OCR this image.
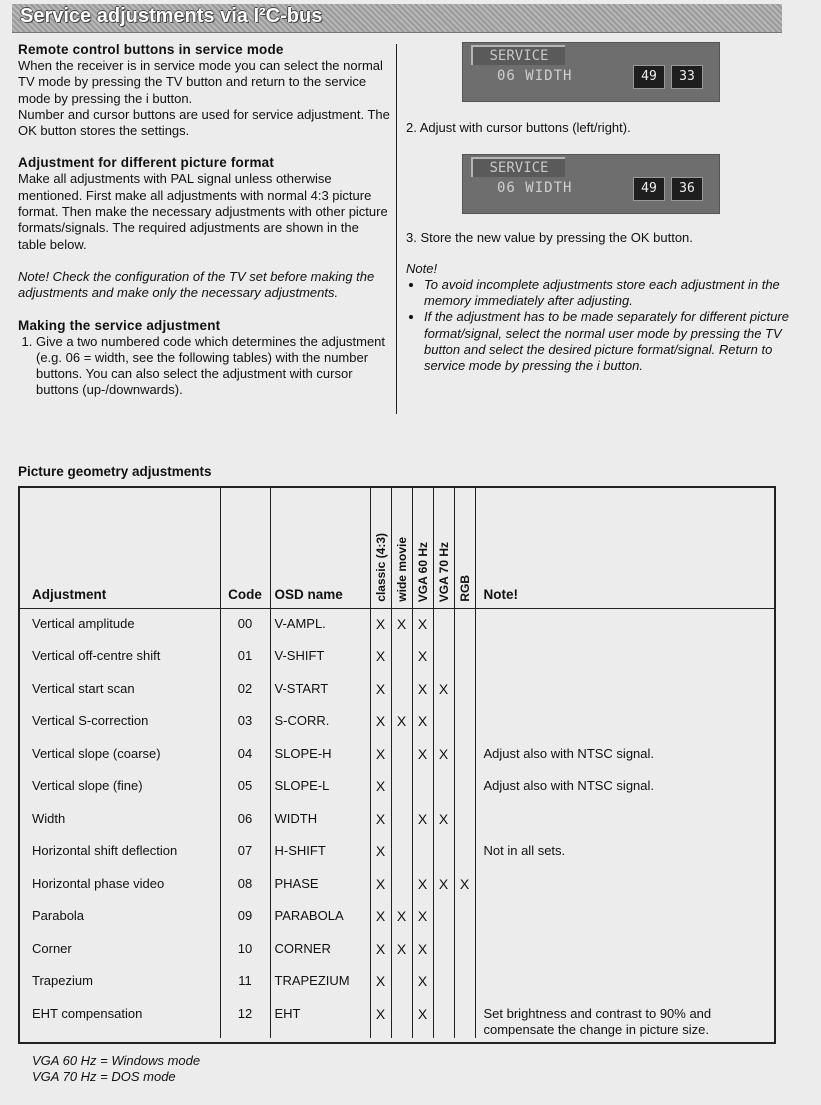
Service adjustments via I²C-bus
Remote control buttons in service mode

When the receiver is in service mode you can select the normal TV mode by pressing the TV button and return to the service mode by pressing the i button.

Number and cursor buttons are used for service adjustment. The OK button stores the settings.

Adjustment for different picture format

Make all adjustments with PAL signal unless otherwise mentioned. First make all adjustments with normal 4:3 picture format. Then make the necessary adjustments with other picture formats/signals. The required adjustments are shown in the table below.

Note! Check the configuration of the TV set before making the adjustments and make only the necessary adjustments.

Making the service adjustment
1. Give a two numbered code which determines the adjustment (e.g. 06 = width, see the following tables) with the number buttons. You can also select the adjustment with cursor buttons (up-/downwards).
SERVICE
06 WIDTH	49	33

2. Adjust with cursor buttons (left/right).

SERVICE
06 WIDTH	49	36

3. Store the new value by pressing the OK button.

Note!

• To avoid incomplete adjustments store each adjustment in the memory immediately after adjusting.
• If the adjustment has to be made separately for different picture format/signal, select the normal user mode by pressing the TV button and select the desired picture format/signal. Return to service mode by pressing the i button.
Picture geometry adjustments
Adjustment	Code	OSD name	classic (4:3)	wide movie	VGA 60 Hz	VGA 70 Hz	RGB	Note!
Vertical amplitude	00	V-AMPL.	X	X	X			
Vertical off-centre shift	01	V-SHIFT	X		X			
Vertical start scan	02	V-START	X		X	X		
Vertical S-correction	03	S-CORR.	X	X	X			
Vertical slope (coarse)	04	SLOPE-H	X		X	X		Adjust also with NTSC signal.
Vertical slope (fine)	05	SLOPE-L	X					Adjust also with NTSC signal.
Width	06	WIDTH	X		X	X		
Horizontal shift deflection	07	H-SHIFT	X					Not in all sets.
Horizontal phase video	08	PHASE	X		X	X	X	
Parabola	09	PARABOLA	X	X	X			
Corner	10	CORNER	X	X	X			
Trapezium	11	TRAPEZIUM	X		X			
EHT compensation	12	EHT	X		X			Set brightness and contrast to 90% and compensate the change in picture size.
VGA 60 Hz = Windows mode
VGA 70 Hz = DOS mode
